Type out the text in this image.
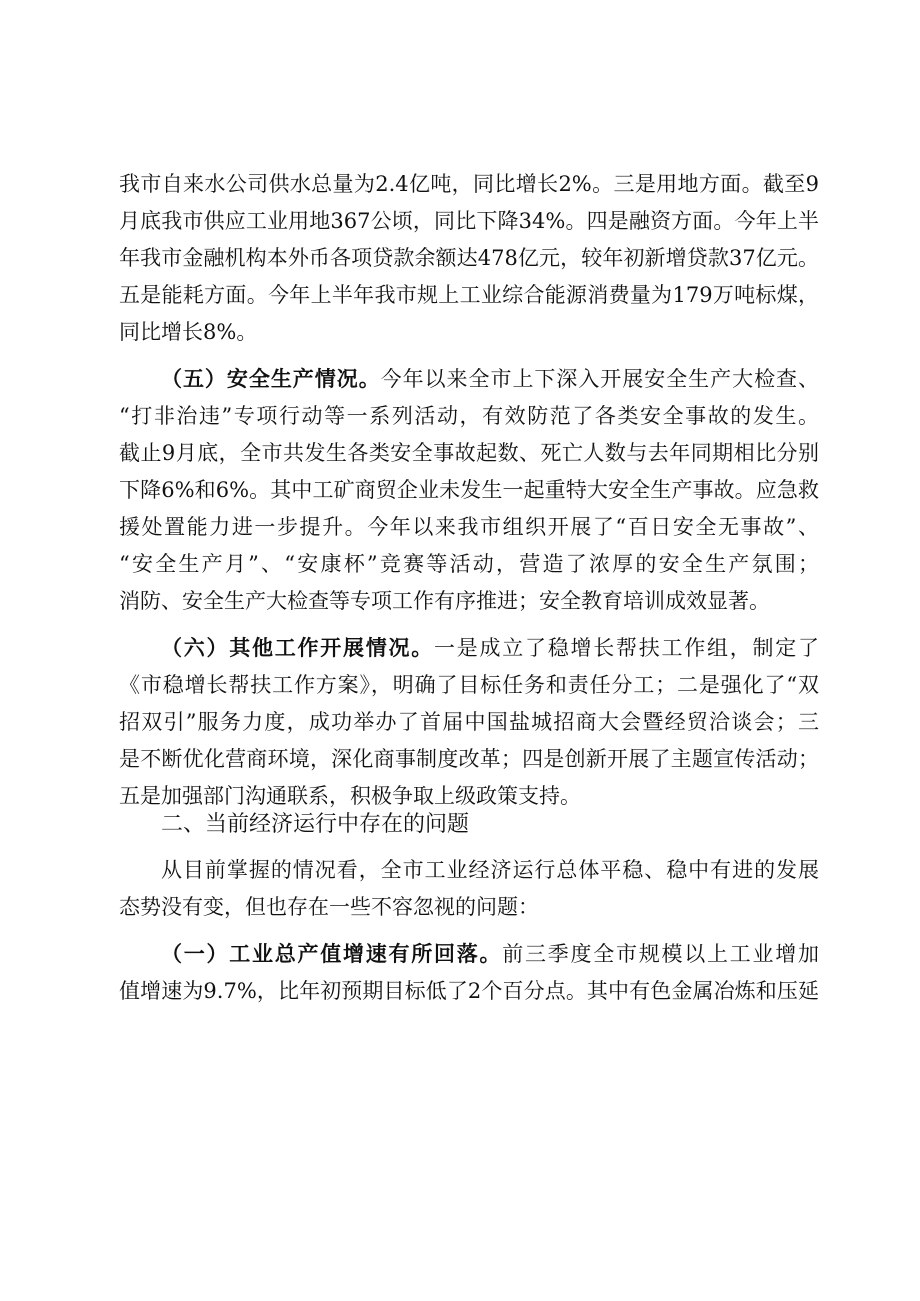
我市自来水公司供水总量为2.4亿吨，同比增长2%。三是用地方面。截至9
月底我市供应工业用地367公顷，同比下降34%。四是融资方面。今年上半
年我市金融机构本外币各项贷款余额达478亿元，较年初新增贷款37亿元。
五是能耗方面。今年上半年我市规上工业综合能源消费量为179万吨标煤，
同比增长8%。
（五）安全生产情况。今年以来全市上下深入开展安全生产大检查、
“打非治违”专项行动等一系列活动，有效防范了各类安全事故的发生。
截止9月底，全市共发生各类安全事故起数、死亡人数与去年同期相比分别
下降6%和6%。其中工矿商贸企业未发生一起重特大安全生产事故。应急救
援处置能力进一步提升。今年以来我市组织开展了“百日安全无事故”、
“安全生产月”、“安康杯”竞赛等活动，营造了浓厚的安全生产氛围；
消防、安全生产大检查等专项工作有序推进；安全教育培训成效显著。
（六）其他工作开展情况。一是成立了稳增长帮扶工作组，制定了
《市稳增长帮扶工作方案》，明确了目标任务和责任分工；二是强化了“双
招双引”服务力度，成功举办了首届中国盐城招商大会暨经贸洽谈会；三
是不断优化营商环境，深化商事制度改革；四是创新开展了主题宣传活动；
五是加强部门沟通联系，积极争取上级政策支持。
二、当前经济运行中存在的问题
从目前掌握的情况看，全市工业经济运行总体平稳、稳中有进的发展
态势没有变，但也存在一些不容忽视的问题：
（一）工业总产值增速有所回落。前三季度全市规模以上工业增加
值增速为9.7%，比年初预期目标低了2个百分点。其中有色金属冶炼和压延
